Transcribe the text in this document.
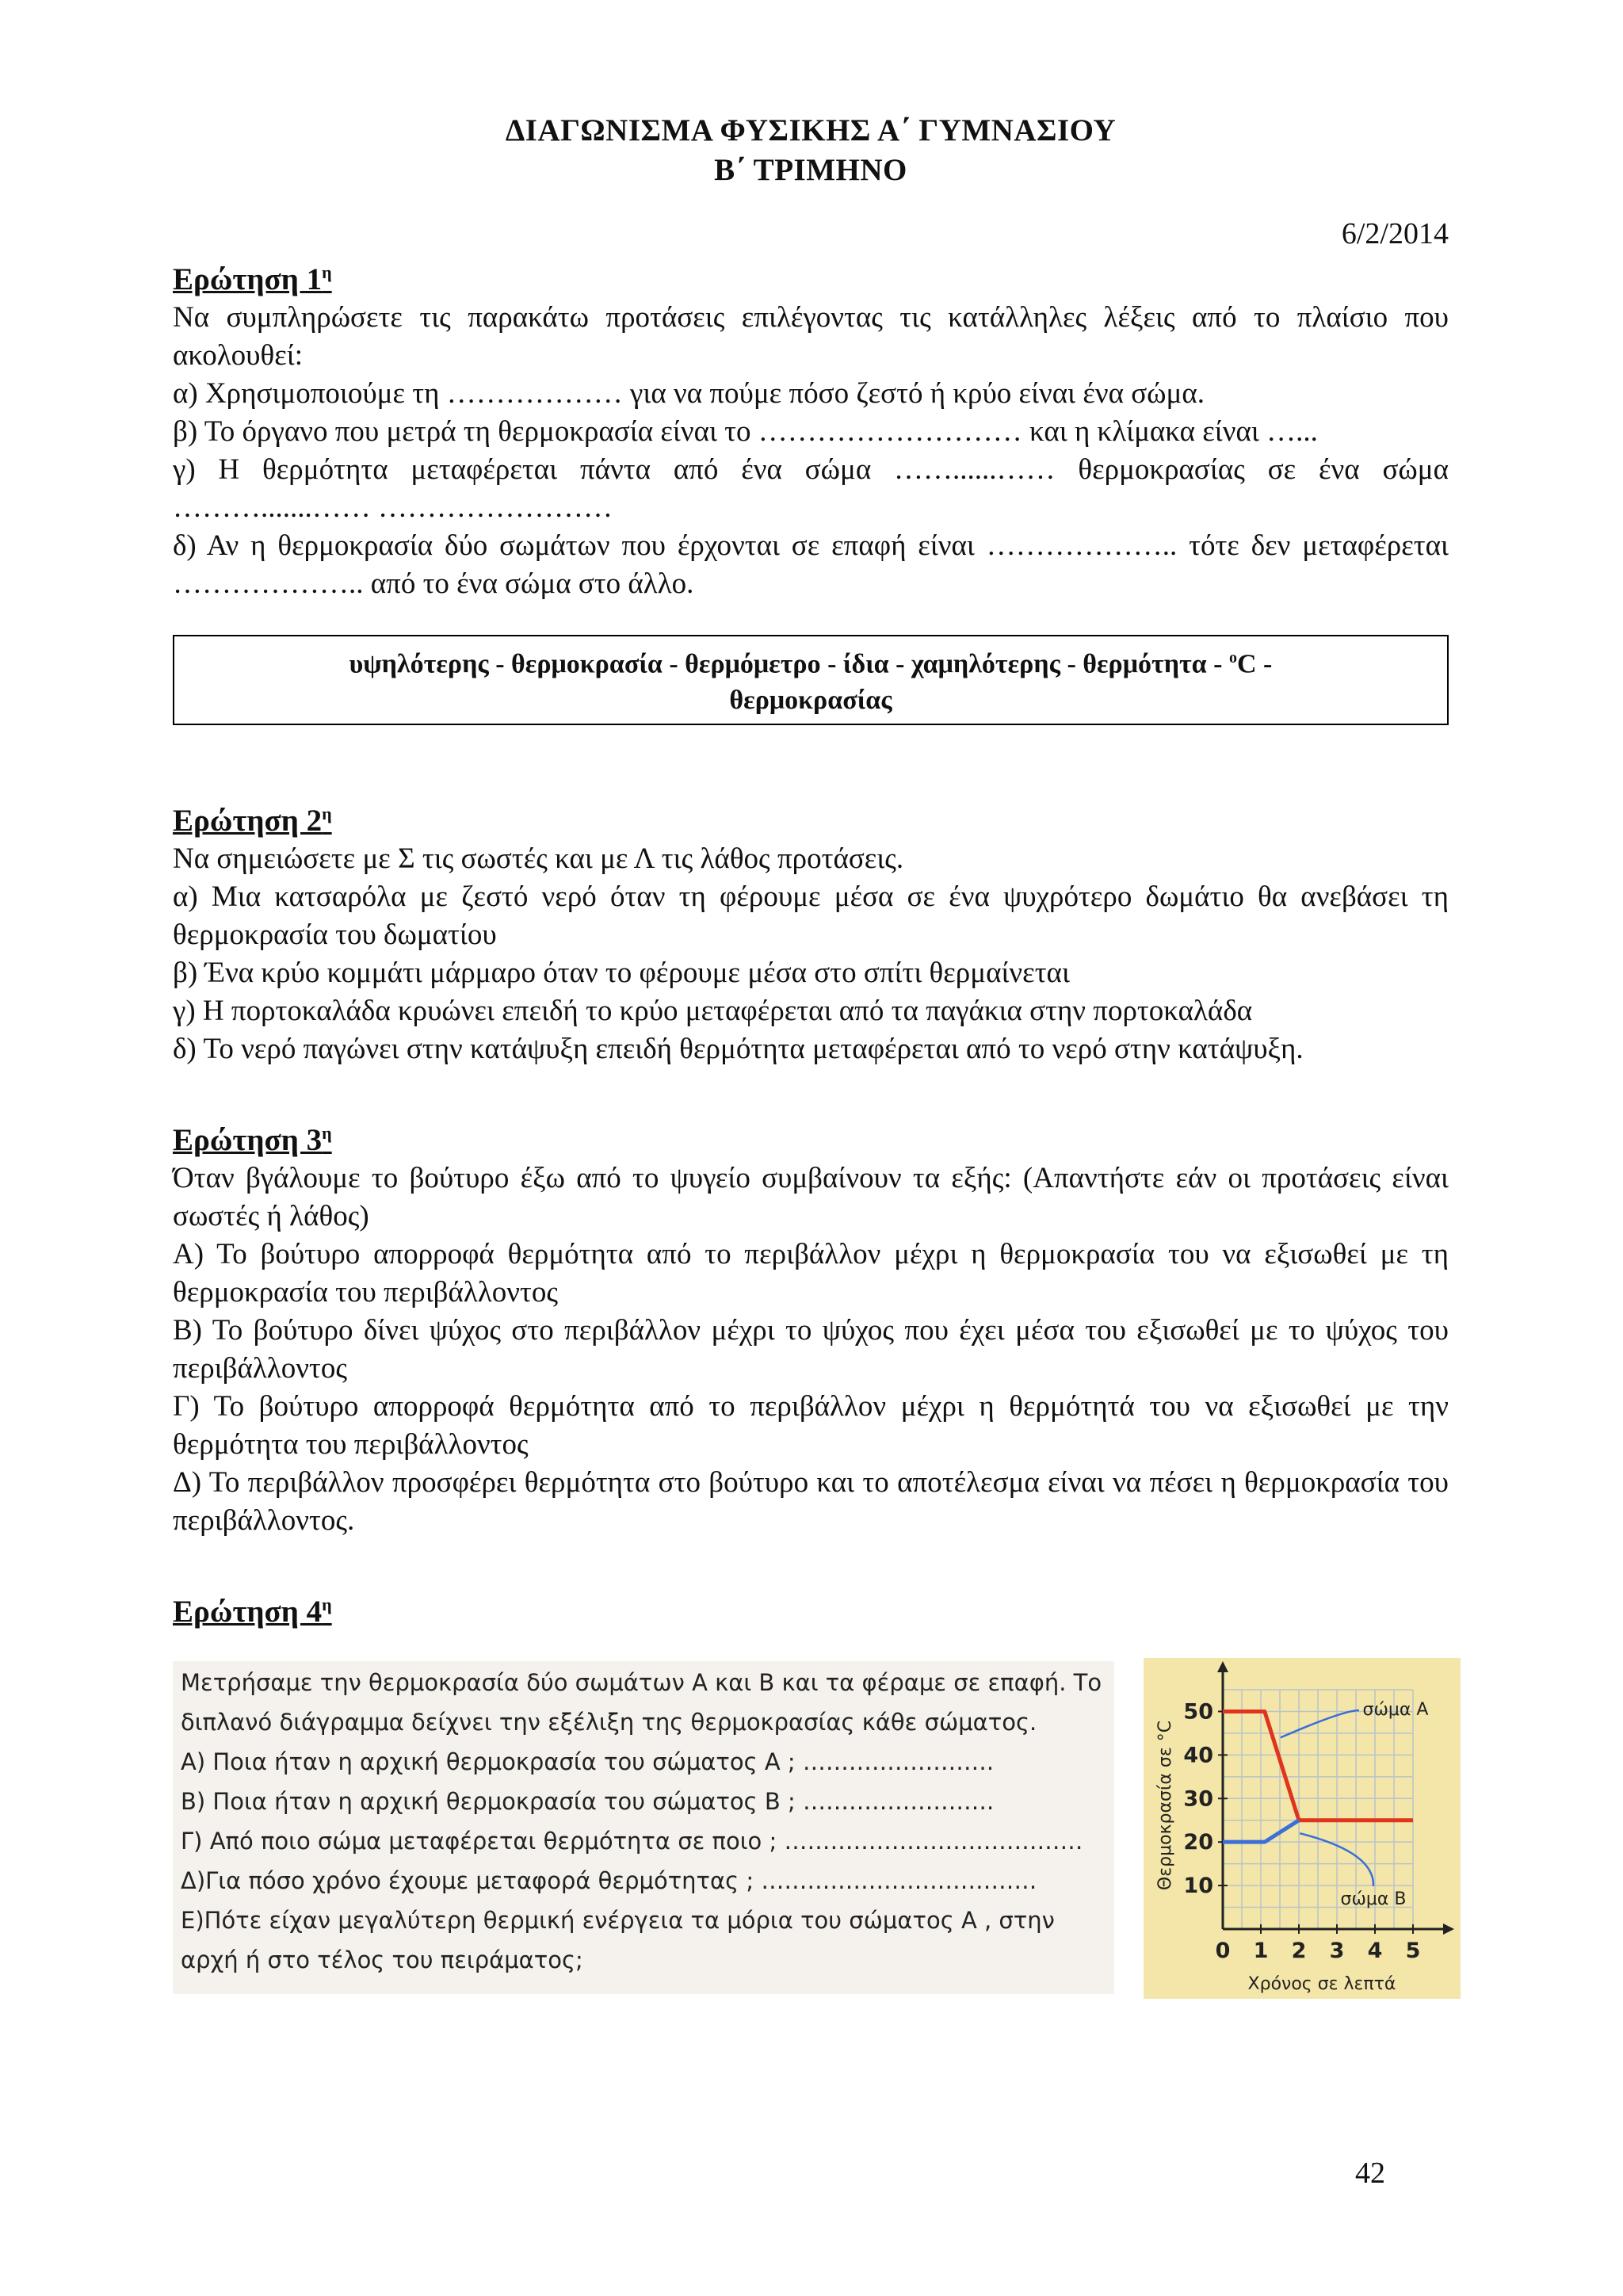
ΔΙΑΓΩΝΙΣΜΑ ΦΥΣΙΚΗΣ Α΄ ΓΥΜΝΑΣΙΟΥ
Β΄ ΤΡΙΜΗΝΟ
6/2/2014
Ερώτηση $1^\eta$
Να συμπληρώσετε τις παρακάτω προτάσεις επιλέγοντας τις κατάλληλες λέξεις από το πλαίσιο που ακολουθεί:
α) Χρησιμοποιούμε τη ……………… για να πούμε πόσο ζεστό ή κρύο είναι ένα σώμα.
β) Το όργανο που μετρά τη θερμοκρασία είναι το ……………………… και η κλίμακα είναι …...
γ) Η θερμότητα μεταφέρεται πάντα από ένα σώμα ……......…… θερμοκρασίας σε ένα σώμα ……….......…… ……………………
δ) Αν η θερμοκρασία δύο σωμάτων που έρχονται σε επαφή είναι ……………….. τότε δεν μεταφέρεται ……………….. από το ένα σώμα στο άλλο.
υψηλότερης - θερμοκρασία - θερμόμετρο - ίδια - χαμηλότερης - θερμότητα - $^o$C -
θερμοκρασίας
Ερώτηση $2^\eta$
Να σημειώσετε με Σ τις σωστές και με Λ τις λάθος προτάσεις.
α) Μια κατσαρόλα με ζεστό νερό όταν τη φέρουμε μέσα σε ένα ψυχρότερο δωμάτιο θα ανεβάσει τη θερμοκρασία του δωματίου
β) Ένα κρύο κομμάτι μάρμαρο όταν το φέρουμε μέσα στο σπίτι θερμαίνεται
γ) Η πορτοκαλάδα κρυώνει επειδή το κρύο μεταφέρεται από τα παγάκια στην πορτοκαλάδα
δ) Το νερό παγώνει στην κατάψυξη επειδή θερμότητα μεταφέρεται από το νερό στην κατάψυξη.
Ερώτηση $3^\eta$
Όταν βγάλουμε το βούτυρο έξω από το ψυγείο συμβαίνουν τα εξής: (Απαντήστε εάν οι προτάσεις είναι σωστές ή λάθος)
Α) Το βούτυρο απορροφά θερμότητα από το περιβάλλον μέχρι η θερμοκρασία του να εξισωθεί με τη θερμοκρασία του περιβάλλοντος
Β) Το βούτυρο δίνει ψύχος στο περιβάλλον μέχρι το ψύχος που έχει μέσα του εξισωθεί με το ψύχος του περιβάλλοντος
Γ) Το βούτυρο απορροφά θερμότητα από το περιβάλλον μέχρι η θερμότητά του να εξισωθεί με την θερμότητα του περιβάλλοντος
Δ) Το περιβάλλον προσφέρει θερμότητα στο βούτυρο και το αποτέλεσμα είναι να πέσει η θερμοκρασία του περιβάλλοντος.
Ερώτηση $4^\eta$
Μετρήσαμε την θερμοκρασία δύο σωμάτων Α και Β και τα φέραμε σε επαφή. Το διπλανό διάγραμμα δείχνει την εξέλιξη της θερμοκρασίας κάθε σώματος.
Α) Ποια ήταν η αρχική θερμοκρασία του σώματος Α ; …………………….
Β) Ποια ήταν η αρχική θερμοκρασία του σώματος Β ; …………………….
Γ) Από ποιο σώμα μεταφέρεται θερμότητα σε ποιο ; …………………………………
Δ)Για πόσο χρόνο έχουμε μεταφορά θερμότητας ; ………………………………
Ε)Πότε είχαν μεγαλύτερη θερμική ενέργεια τα μόρια του σώματος Α , στην αρχή ή στο τέλος του πειράματος;	0 1 2 3 4 5
10
20
30
40
50	σώμα Α
σώμα Β
Χρόνος σε λεπτά
Θερμοκρασία σε °C
42
